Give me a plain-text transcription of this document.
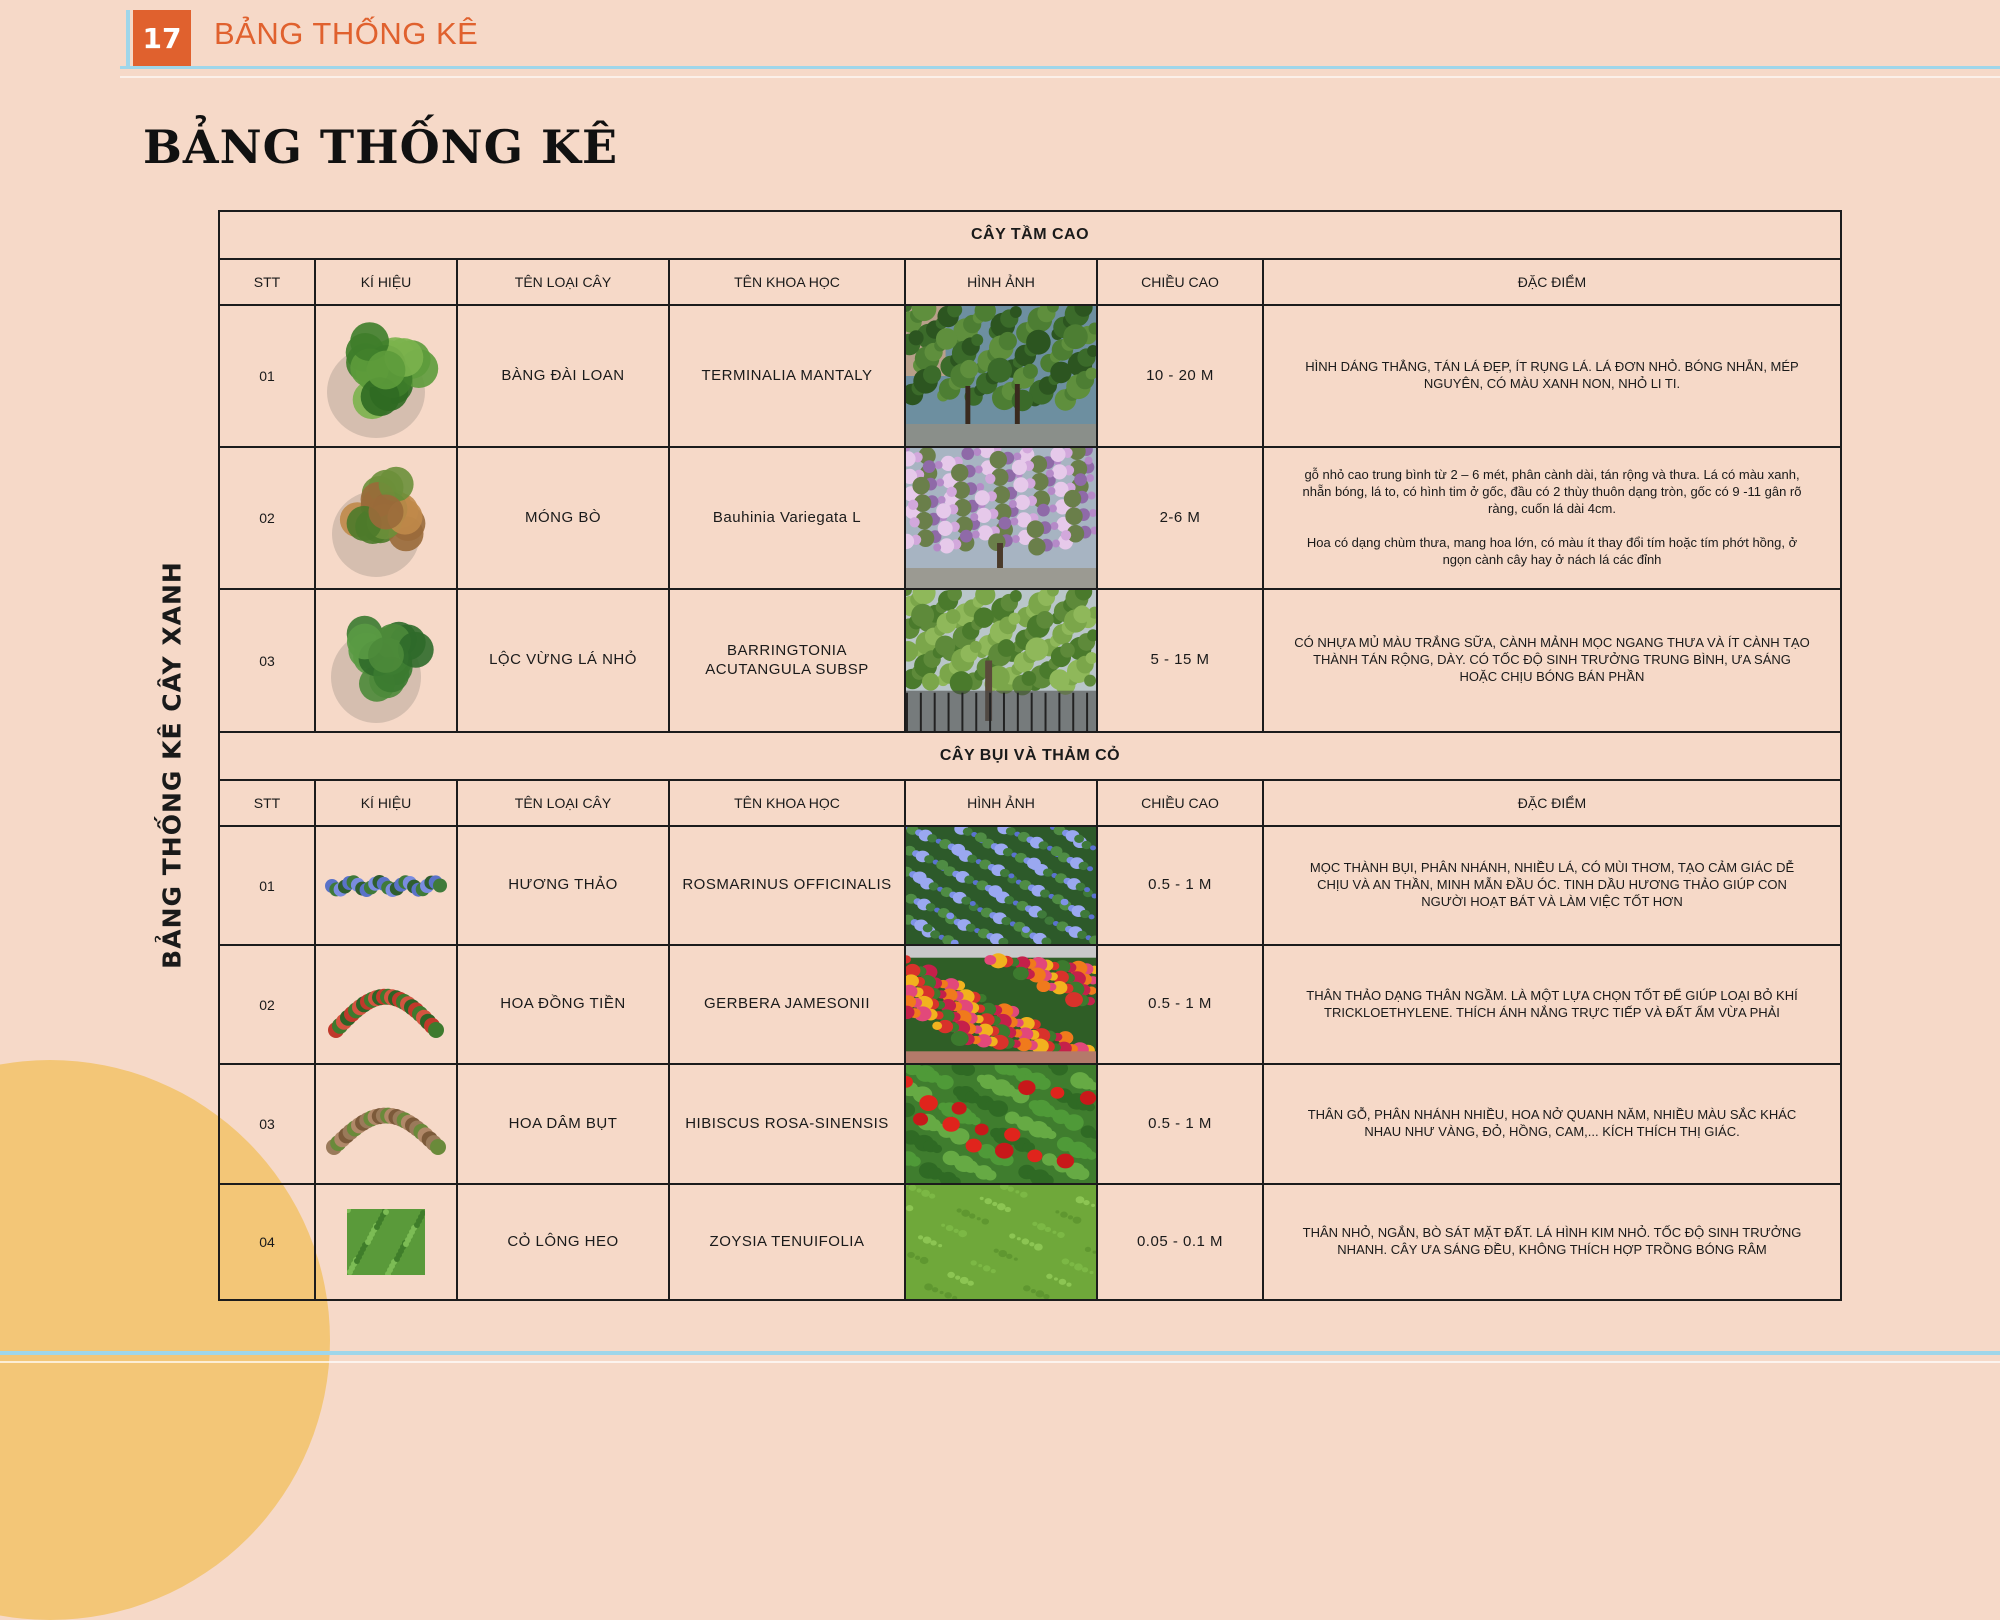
17	BẢNG THỐNG KÊ
BẢNG THỐNG KÊ
BẢNG THỐNG KÊ CÂY XANH
CÂY TẦM CAO						
STT	KÍ HIỆU	TÊN LOẠI CÂY	TÊN KHOA HỌC	HÌNH ẢNH	CHIỀU CAO	ĐẶC ĐIỂM
01		BÀNG ĐÀI LOAN	TERMINALIA MANTALY		10 - 20 M	HÌNH DÁNG THẲNG, TÁN LÁ ĐẸP, ÍT RỤNG LÁ. LÁ ĐƠN NHỎ. BÓNG NHẴN, MÉP NGUYÊN, CÓ MÀU XANH NON, NHỎ LI TI.
02		MÓNG BÒ	Bauhinia Variegata L		2-6 M	gỗ nhỏ cao trung bình từ 2 – 6 mét, phân cành dài, tán rộng và thưa. Lá có màu xanh, nhẵn bóng, lá to, có hình tim ở gốc, đầu có 2 thùy thuôn dạng tròn, gốc có 9 -11 gân rõ ràng, cuốn lá dài 4cm.

Hoa có dạng chùm thưa, mang hoa lớn, có màu ít thay đổi tím hoặc tím phớt hồng, ở ngọn cành cây hay ở nách lá các đỉnh
03		LỘC VỪNG LÁ NHỎ	BARRINGTONIA ACUTANGULA SUBSP		5 - 15 M	CÓ NHỰA MỦ MÀU TRẮNG SỮA, CÀNH MẢNH MỌC NGANG THƯA VÀ ÍT CÀNH TẠO THÀNH TÁN RỘNG, DÀY. CÓ TỐC ĐỘ SINH TRƯỞNG TRUNG BÌNH, ƯA SÁNG HOẶC CHỊU BÓNG BÁN PHẦN
CÂY BỤI VÀ THẢM CỎ						
STT	KÍ HIỆU	TÊN LOẠI CÂY	TÊN KHOA HỌC	HÌNH ẢNH	CHIỀU CAO	ĐẶC ĐIỂM
01		HƯƠNG THẢO	ROSMARINUS OFFICINALIS		0.5 - 1 M	MỌC THÀNH BỤI, PHÂN NHÁNH, NHIỀU LÁ, CÓ MÙI THƠM, TẠO CẢM GIÁC DỄ CHỊU VÀ AN THẦN, MINH MẪN ĐẦU ÓC. TINH DẦU HƯƠNG THẢO GIÚP CON NGƯỜI HOẠT BÁT VÀ LÀM VIỆC TỐT HƠN
02		HOA ĐỒNG TIỀN	GERBERA JAMESONII		0.5 - 1 M	THÂN THẢO DẠNG THÂN NGẦM. LÀ MỘT LỰA CHỌN TỐT ĐỂ GIÚP LOẠI BỎ KHÍ TRICKLOETHYLENE. THÍCH ÁNH NẮNG TRỰC TIẾP VÀ ĐẤT ẨM VỪA PHẢI
03		HOA DÂM BỤT	HIBISCUS ROSA-SINENSIS		0.5 - 1 M	THÂN GỖ, PHÂN NHÁNH NHIỀU, HOA NỞ QUANH NĂM, NHIỀU MÀU SẮC KHÁC NHAU NHƯ VÀNG, ĐỎ, HỒNG, CAM,... KÍCH THÍCH THỊ GIÁC.
04		CỎ LÔNG HEO	ZOYSIA TENUIFOLIA		0.05 - 0.1 M	THÂN NHỎ, NGẮN, BÒ SÁT MẶT ĐẤT. LÁ HÌNH KIM NHỎ. TỐC ĐỘ SINH TRƯỞNG NHANH. CÂY ƯA SÁNG ĐỀU, KHÔNG THÍCH HỢP TRỒNG BÓNG RÂM
